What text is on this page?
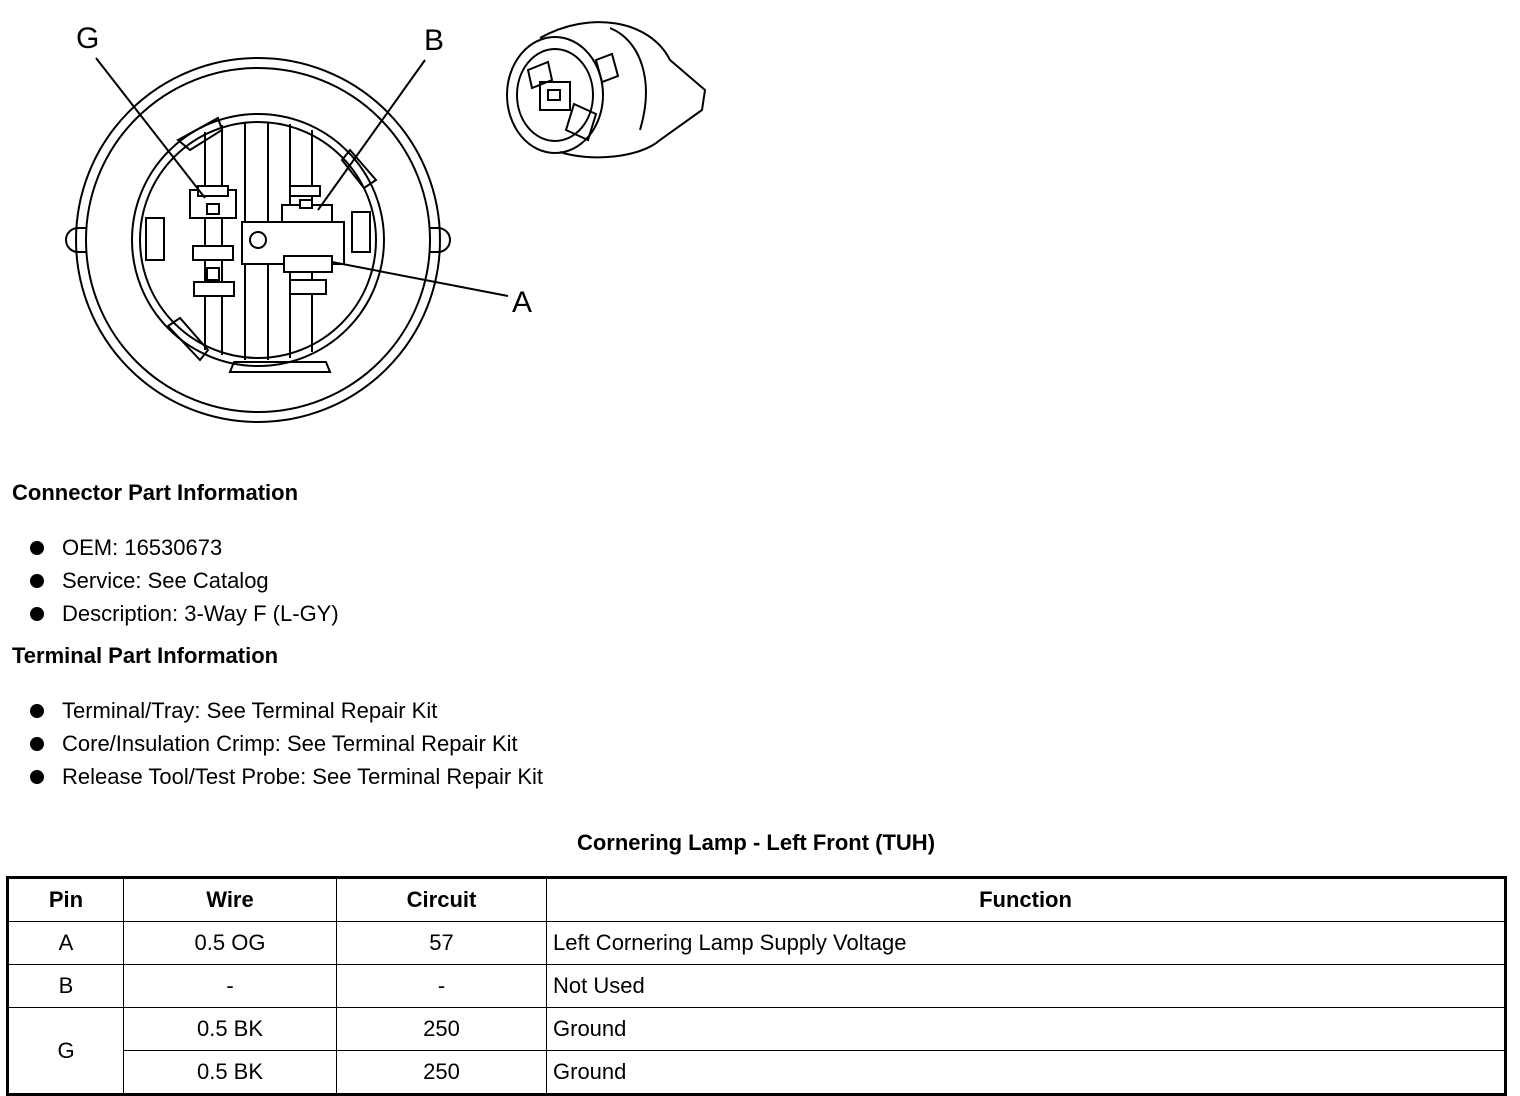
G	B
A
Connector Part Information
OEM: 16530673
Service: See Catalog
Description: 3-Way F (L-GY)
Terminal Part Information
Terminal/Tray: See Terminal Repair Kit
Core/Insulation Crimp: See Terminal Repair Kit
Release Tool/Test Probe: See Terminal Repair Kit
Cornering Lamp - Left Front (TUH)
Pin	Wire	Circuit	Function
A	0.5 OG	57	Left Cornering Lamp Supply Voltage
B	-	-	Not Used
G	0.5 BK	250	Ground
	0.5 BK	250	Ground
